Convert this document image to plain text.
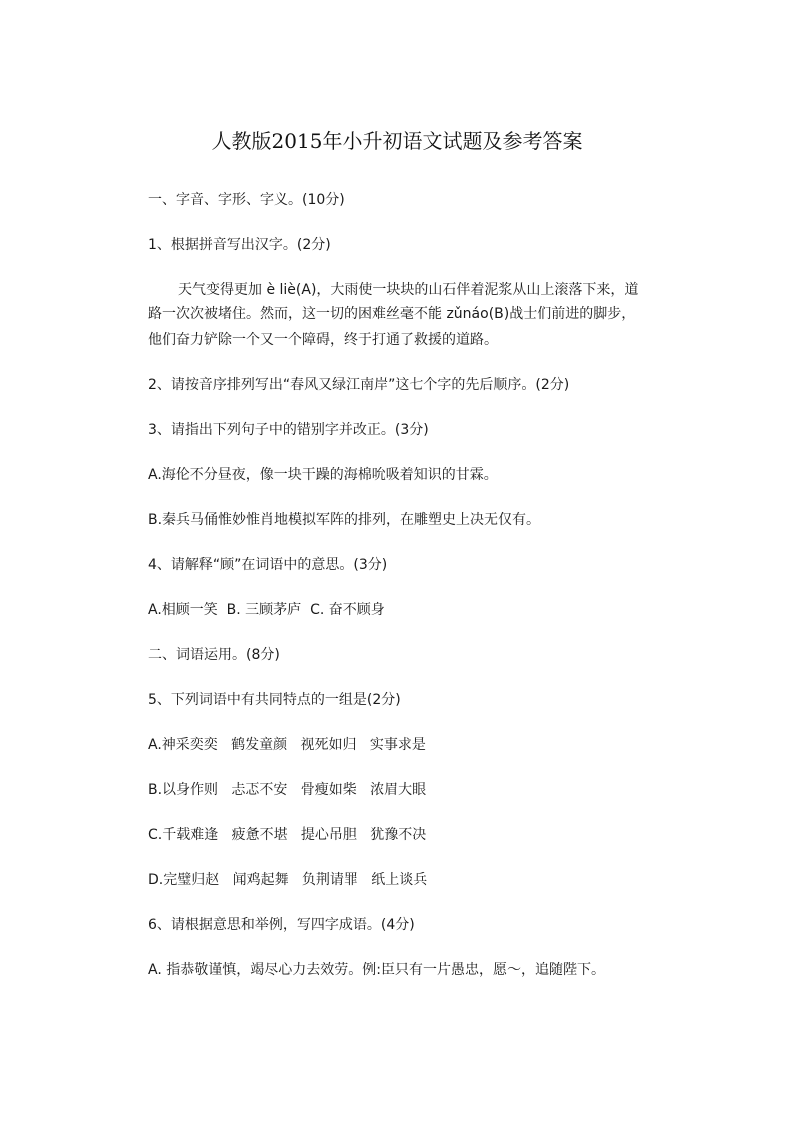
人教版2015年小升初语文试题及参考答案

一、字音、字形、字义。(10分)

1、根据拼音写出汉字。(2分)

天气变得更加 è liè(A)，大雨使一块块的山石伴着泥浆从山上滚落下来，道

路一次次被堵住。然而，这一切的困难丝毫不能 zǔnáo(B)战士们前进的脚步，

他们奋力铲除一个又一个障碍，终于打通了救援的道路。

2、请按音序排列写出“春风又绿江南岸”这七个字的先后顺序。(2分)

3、请指出下列句子中的错别字并改正。(3分)

A.海伦不分昼夜，像一块干躁的海棉吮吸着知识的甘霖。

B.秦兵马俑惟妙惟肖地模拟军阵的排列，在雕塑史上决无仅有。

4、请解释“顾”在词语中的意思。(3分)

A.相顾一笑  B. 三顾茅庐  C. 奋不顾身

二、词语运用。(8分)

5、下列词语中有共同特点的一组是(2分)

A.神采奕奕   鹤发童颜   视死如归   实事求是

B.以身作则   忐忑不安   骨瘦如柴   浓眉大眼

C.千载难逢   疲惫不堪   提心吊胆   犹豫不决

D.完璧归赵   闻鸡起舞   负荆请罪   纸上谈兵

6、请根据意思和举例，写四字成语。(4分)

A. 指恭敬谨慎，竭尽心力去效劳。例:臣只有一片愚忠，愿～，追随陛下。
